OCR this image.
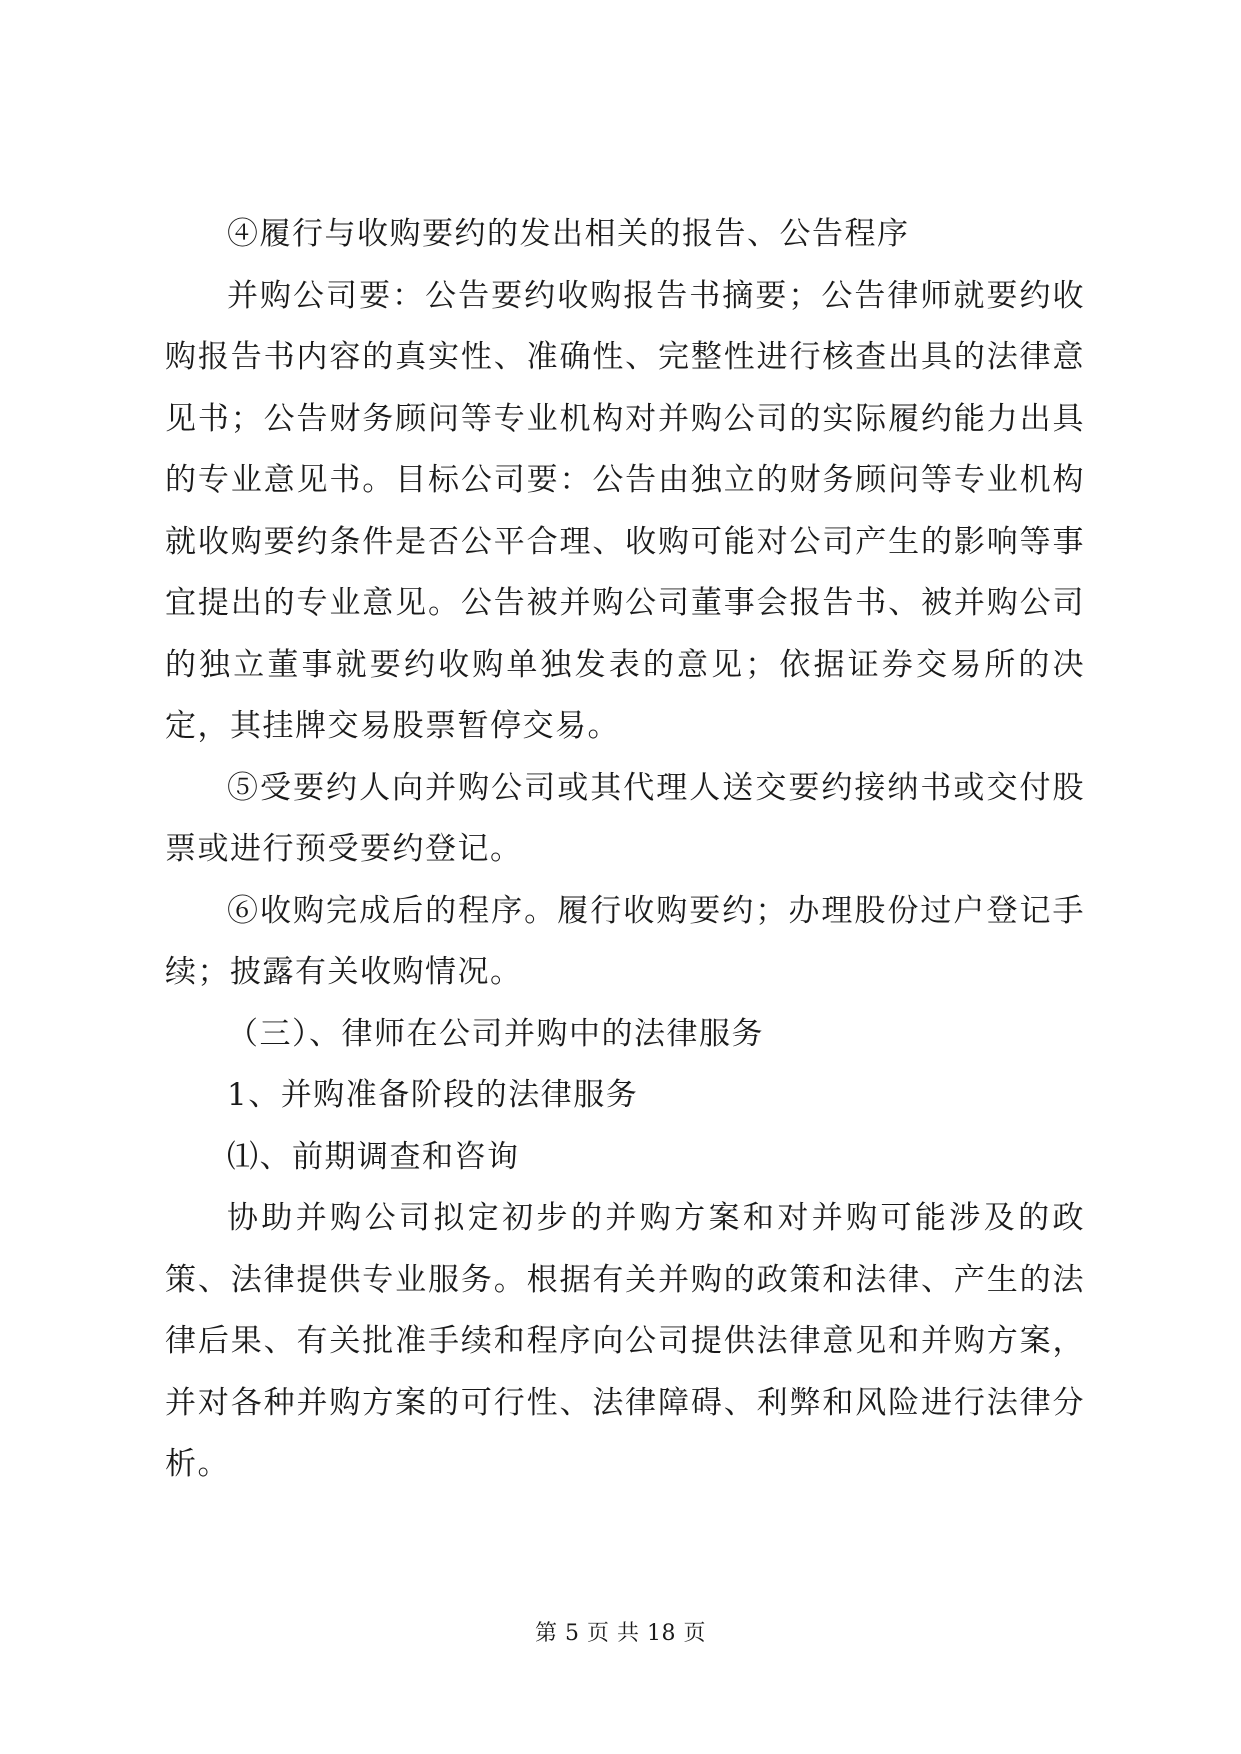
④履行与收购要约的发出相关的报告、公告程序

并购公司要：公告要约收购报告书摘要；公告律师就要约收购报告书内容的真实性、准确性、完整性进行核查出具的法律意见书；公告财务顾问等专业机构对并购公司的实际履约能力出具的专业意见书。目标公司要：公告由独立的财务顾问等专业机构就收购要约条件是否公平合理、收购可能对公司产生的影响等事宜提出的专业意见。公告被并购公司董事会报告书、被并购公司的独立董事就要约收购单独发表的意见；依据证券交易所的决定，其挂牌交易股票暂停交易。

⑤受要约人向并购公司或其代理人送交要约接纳书或交付股票或进行预受要约登记。

⑥收购完成后的程序。履行收购要约；办理股份过户登记手续；披露有关收购情况。

（三）、律师在公司并购中的法律服务

1、并购准备阶段的法律服务

⑴、前期调查和咨询

协助并购公司拟定初步的并购方案和对并购可能涉及的政策、法律提供专业服务。根据有关并购的政策和法律、产生的法律后果、有关批准手续和程序向公司提供法律意见和并购方案，并对各种并购方案的可行性、法律障碍、利弊和风险进行法律分析。

第 5 页 共 18 页
